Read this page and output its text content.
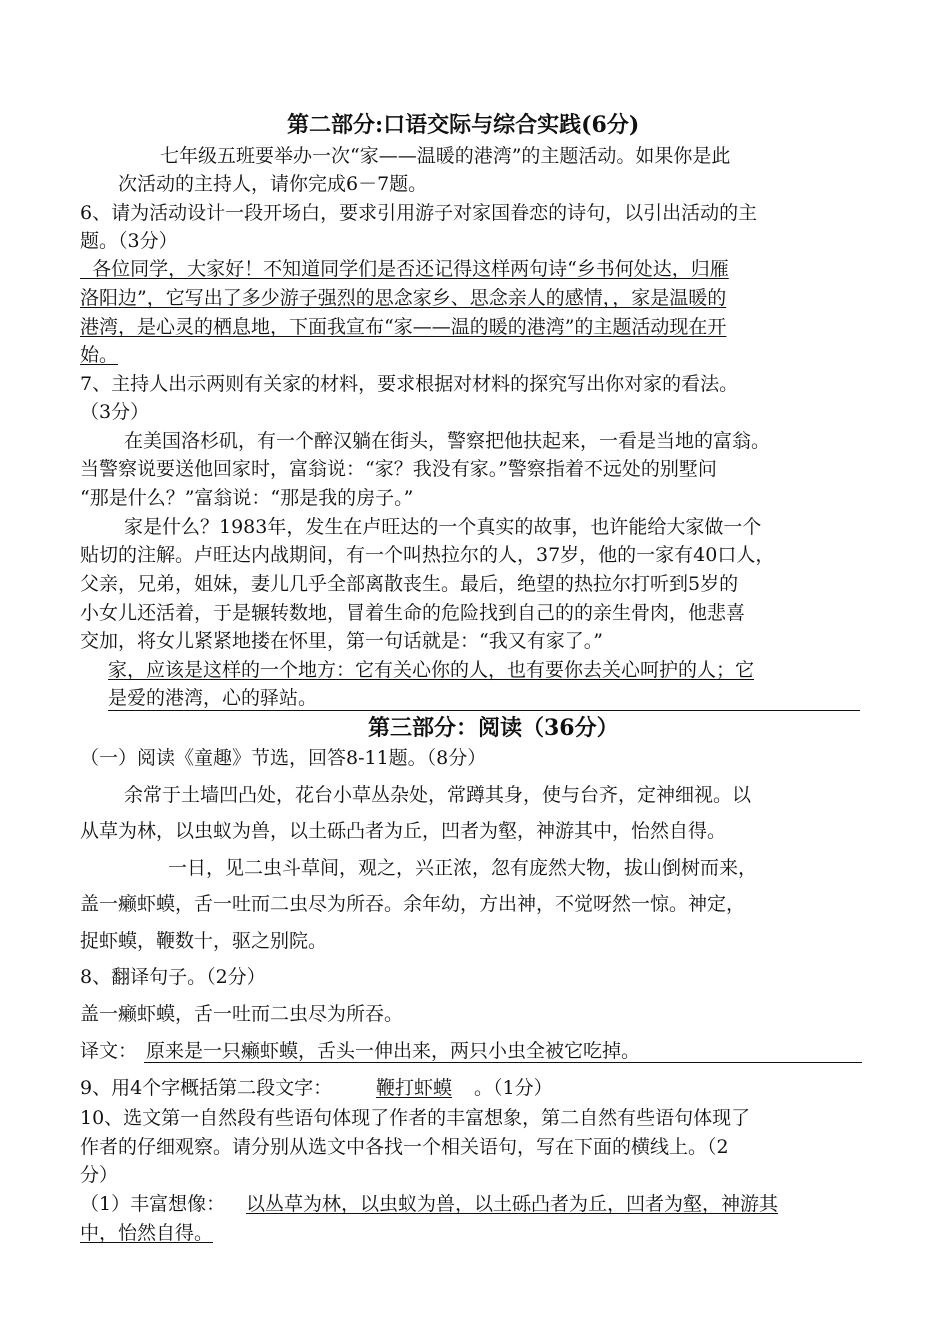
第二部分:口语交际与综合实践(6分)
七年级五班要举办一次“家——温暖的港湾”的主题活动。如果你是此
次活动的主持人，请你完成6－7题。
6、请为活动设计一段开场白，要求引用游子对家国眷恋的诗句，以引出活动的主
题。（3分）
各位同学，大家好！不知道同学们是否还记得这样两句诗“乡书何处达，归雁
洛阳边”，它写出了多少游子强烈的思念家乡、思念亲人的感情，，家是温暖的
港湾，是心灵的栖息地，下面我宣布“家——温的暖的港湾”的主题活动现在开
始。
7、主持人出示两则有关家的材料，要求根据对材料的探究写出你对家的看法。
（3分）
在美国洛杉矶，有一个醉汉躺在街头，警察把他扶起来，一看是当地的富翁。
当警察说要送他回家时，富翁说：“家？我没有家。”警察指着不远处的别墅问
“那是什么？”富翁说：“那是我的房子。”
家是什么？1983年，发生在卢旺达的一个真实的故事，也许能给大家做一个
贴切的注解。卢旺达内战期间，有一个叫热拉尔的人，37岁，他的一家有40口人，
父亲，兄弟，姐妹，妻儿几乎全部离散丧生。最后，绝望的热拉尔打听到5岁的
小女儿还活着，于是辗转数地，冒着生命的危险找到自己的的亲生骨肉，他悲喜
交加，将女儿紧紧地搂在怀里，第一句话就是：“我又有家了。”
家，应该是这样的一个地方：它有关心你的人，也有要你去关心呵护的人；它
是爱的港湾，心的驿站。
第三部分：阅读（36分）
（一）阅读《童趣》节选，回答8-11题。（8分）
余常于土墙凹凸处，花台小草丛杂处，常蹲其身，使与台齐，定神细视。以
从草为林，以虫蚁为兽，以土砾凸者为丘，凹者为壑，神游其中，怡然自得。
一日，见二虫斗草间，观之，兴正浓，忽有庞然大物，拔山倒树而来，
盖一癞虾蟆，舌一吐而二虫尽为所吞。余年幼，方出神，不觉呀然一惊。神定，
捉虾蟆，鞭数十，驱之别院。
8、翻译句子。（2分）
盖一癞虾蟆，舌一吐而二虫尽为所吞。
译文： 原来是一只癞虾蟆，舌头一伸出来，两只小虫全被它吃掉。
9、用4个字概括第二段文字： 鞭打虾蟆 。（1分）
10、选文第一自然段有些语句体现了作者的丰富想象，第二自然有些语句体现了
作者的仔细观察。请分别从选文中各找一个相关语句，写在下面的横线上。（2
分）
（1）丰富想像： 以丛草为林，以虫蚁为兽，以土砾凸者为丘，凹者为壑，神游其
中，怡然自得。
